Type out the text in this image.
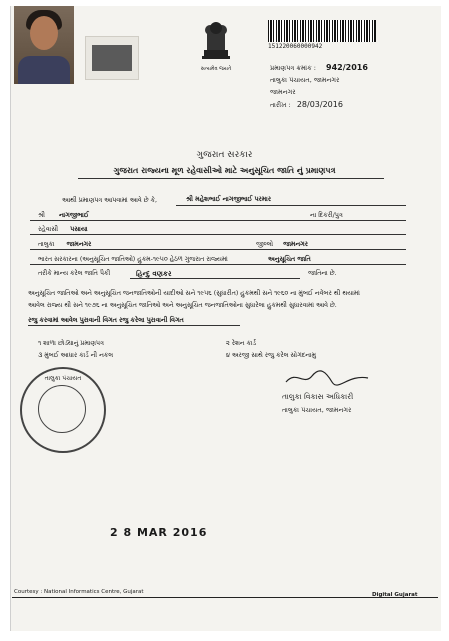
સત્યમેવ જયતે
151220060000942
પ્રમાણપત્ર ક્રમાંક : 942/2016
તાલુકા પંચાયત, જામનગર
જામનગર
તારીખ : 28/03/2016
ગુજરાત સરકાર
ગુજરાત રાજ્યના મૂળ રહેવાસીઓ માટે અનુસૂચિત જાતિ નું પ્રમાણપત્ર
આથી પ્રમાણપત્ર આપવામાં આવે છે કે,	શ્રી મહેશભાઈ નાગજીભાઈ પરમાર
શ્રી નાગજીભાઈ	ના દિકરી/પુત્ર
રહેવાસી પસાયા
તાલુકા જામનગર	જીલ્લો જામનગર
ભારત સરકારના (અનુસૂચિત જાતિઓ) હુકમ-૧૯૫૦ હેઠળ ગુજરાત રાજ્યમાં	અનુસૂચિત જાતિ
તરીકે માન્ય કરેલ જાતિ પૈકી	હિન્દુ વણકર	જાતિના છે.
અનુસૂચિત જાતિઓ અને અનુસૂચિત જનજાતિઓની યાદીઓ સને ૧૯૫૬ (સુધારીત) હુકમથી સને ૧૯૬૦ ના મુંબઈ નવેંબર થી થયામાં
આવેલ રાજ્ય થી સને ૧૯૭૬ ના અનુસૂચિત જાતિઓ અને અનુસૂચિત જનજાતિઓના સુધારેલા હુકમથી સુધારવામાં આવે છે.
રજુ કરવામાં આવેલ પુરાવાની વિગત રજુ કરેલા પુરાવાની વિગત
૧ શાળા છોડ્યાનું પ્રમાણપત્ર	૨ રેશન કાર્ડ
૩ મુંબઈ આધાર કાર્ડ ની નકલ	૪ અરજી સાથે રજુ કરેલ સોગંદનામુ
તાલુકા પંચાયત
તાલુકા વિકાસ અધિકારી
તાલુકા પંચાયત, જામનગર
2 8 MAR 2016
Courtesy : National Informatics Centre, Gujarat	Digital Gujarat
